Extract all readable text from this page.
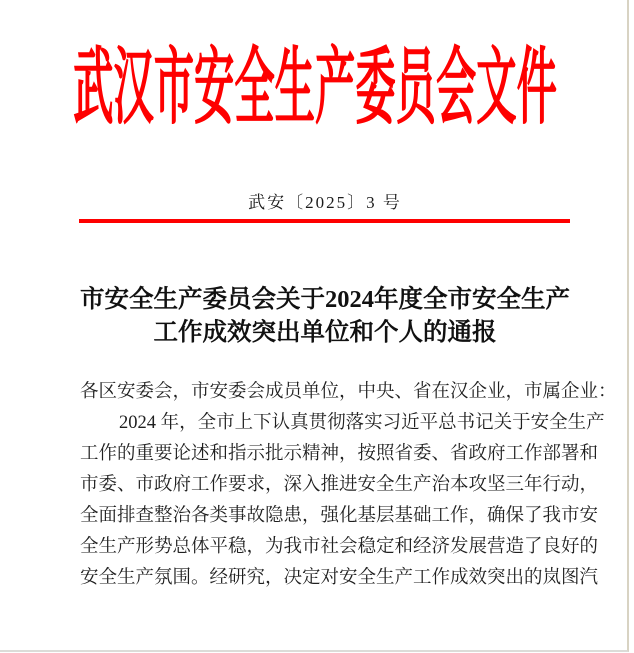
武汉市安全生产委员会文件
武安〔2025〕3 号
市安全生产委员会关于2024年度全市安全生产
工作成效突出单位和个人的通报
各区安委会，市安委会成员单位，中央、省在汉企业，市属企业：
2024 年，全市上下认真贯彻落实习近平总书记关于安全生产
工作的重要论述和指示批示精神，按照省委、省政府工作部署和
市委、市政府工作要求，深入推进安全生产治本攻坚三年行动，
全面排查整治各类事故隐患，强化基层基础工作，确保了我市安
全生产形势总体平稳，为我市社会稳定和经济发展营造了良好的
安全生产氛围。经研究，决定对安全生产工作成效突出的岚图汽
